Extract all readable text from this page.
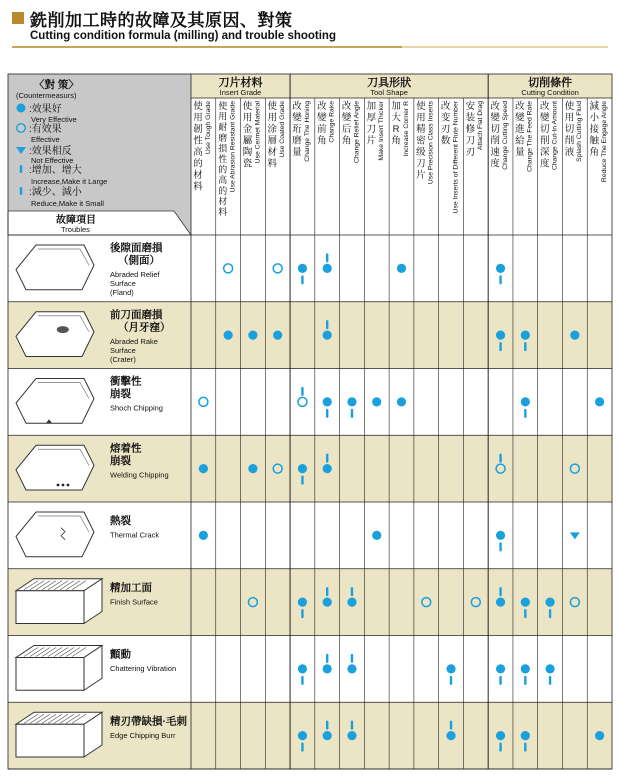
銑削加工時的故障及其原因、對策
Cutting condition formula (milling) and trouble shooting
〈對 策〉
(Countermeasurs)
:效果好
Very Effective
:有效果
Effective
:效果相反
Not Effective
:增加、增大
Increase,Make it Large
:減少、減小
Reduce,Make it Small
故障項目
Troubles
刀片材料
Insert Grade
刀具形狀
Tool Shape
切削條件
Cutting Condition
使用韌性高的材料
Use Tough Grade 使用耐磨損性的高的材料
Use Abrasion Resistant Grade 使用金屬陶瓷
Use Cermet Material 使用涂層材料
Use Coated Grade 改變珩磨量 Change The Honing 改變前角 Change Rake 改變后角 Change Relief Angle 加厚刀片 Make Insert Thicker 加大 R 角 Increase Corner R 使用精密级刀片 Use Precision Class Inserts 改变刃数 Use Inserts of Different Flute Number 安装修刀刃
Attach Flat Drag 改變切削速度 Change Cutting Speed 改變進給量 Change The Feed Rate 改變切削深度 Change Cut-In Amount 使用切削液 Splash Cutting Fluid 減小接触角 Reduce The Engage Angle
後隙面磨損（側面）
Abraded Relief Surface (Fland)
前刀面磨損（月牙窪）
Abraded Rake Surface (Crater)
衝擊性崩裂
Shoch Chipping
熔着性崩裂
Welding Chipping
熱裂
Thermal Crack
精加工面
Finish Surface
顫動
Chattering Vibration
精刃帶缺損·毛刺
Edge Chipping Burr
